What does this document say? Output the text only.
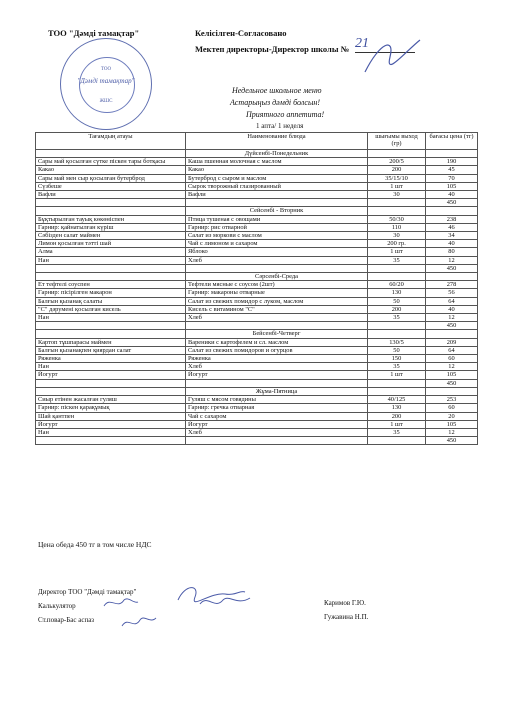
ТОО "Дәмді тамақтар"	Келісілген-Согласовано
Мектеп директоры-Директор школы № 21
ТОО
"Дәмді тамақтар"
ЖШС
Недельное школьное меню
Астарыңыз дәмді болсын!
Приятного аппетита!
1 апта/ 1 неделя
Тағамдың атауы	Наименование блюда	шығымы выход (гр)	бағасы цена (тг)
	Дүйсенбі-Понедельник		
Сары май қосылған сүтке піскен тары ботқасы	Каша пшенная молочная с маслом	200/5	190
Какао	Какао	200	45
Сары май мен сыр қосылған бутерброд	Бутерброд с сыром и маслом	35/15/10	70
Сүзбеше	Сырок творожный глазированный	1 шт	105
Вафли	Вафли	30	40
			450
	Сейсенбі - Вторник		
Бұқтырылған тауық көкөніспен	Птица тушеная с овощами	50/30	238
Гарнир: қайнатылған күріш	Гарнир: рис отварной	110	46
Сәбізден салат маймен	Салат из моркови с маслом	30	34
Лимон қосылған тәтті шай	Чай с лимоном и сахаром	200 гр.	40
Алма	Яблоко	1 шт	80
Нан	Хлеб	35	12
			450
	Сәрсенбі-Среда		
Ет тефтелі соуспен	Тефтели мясные с соусом (2шт)	60/20	278
Гарнир: пісірілген макарон	Гарнир: макароны отварные	130	56
Балғын қызанақ салаты	Салат из свежих помидор с луком, маслом	50	64
"С" дәрумені қосылған кисель	Кисель с витамином "С"	200	40
Нан	Хлеб	35	12
			450
	Бейсенбі-Четверг		
Картоп тұшпарасы маймен	Вареники с картофелем и сл. маслом	130/5	209
Балғын қызанақпен қиярдан салат	Салат из свежих помидоров и огурцов	50	64
Ряженка	Ряженка	150	60
Нан	Хлеб	35	12
Йогурт	Йогурт	1 шт	105
			450
	Жұма-Пятница		
Сиыр етінен жасалған гуляш	Гуляш с мясом говядины	40/125	253
Гарнир: піскен қарақұмық	Гарнир: гречка отварная	130	60
Шай қантпен	Чай с сахаром	200	20
Йогурт	Йогурт	1 шт	105
Нан	Хлеб	35	12
			450
Цена обеда 450 тг в том числе НДС
Директор ТОО "Дәмді тамақтар"
Калькулятор
Ст.повар-Бас аспаз
Каримов Г.Ю.
Гужавина Н.П.
